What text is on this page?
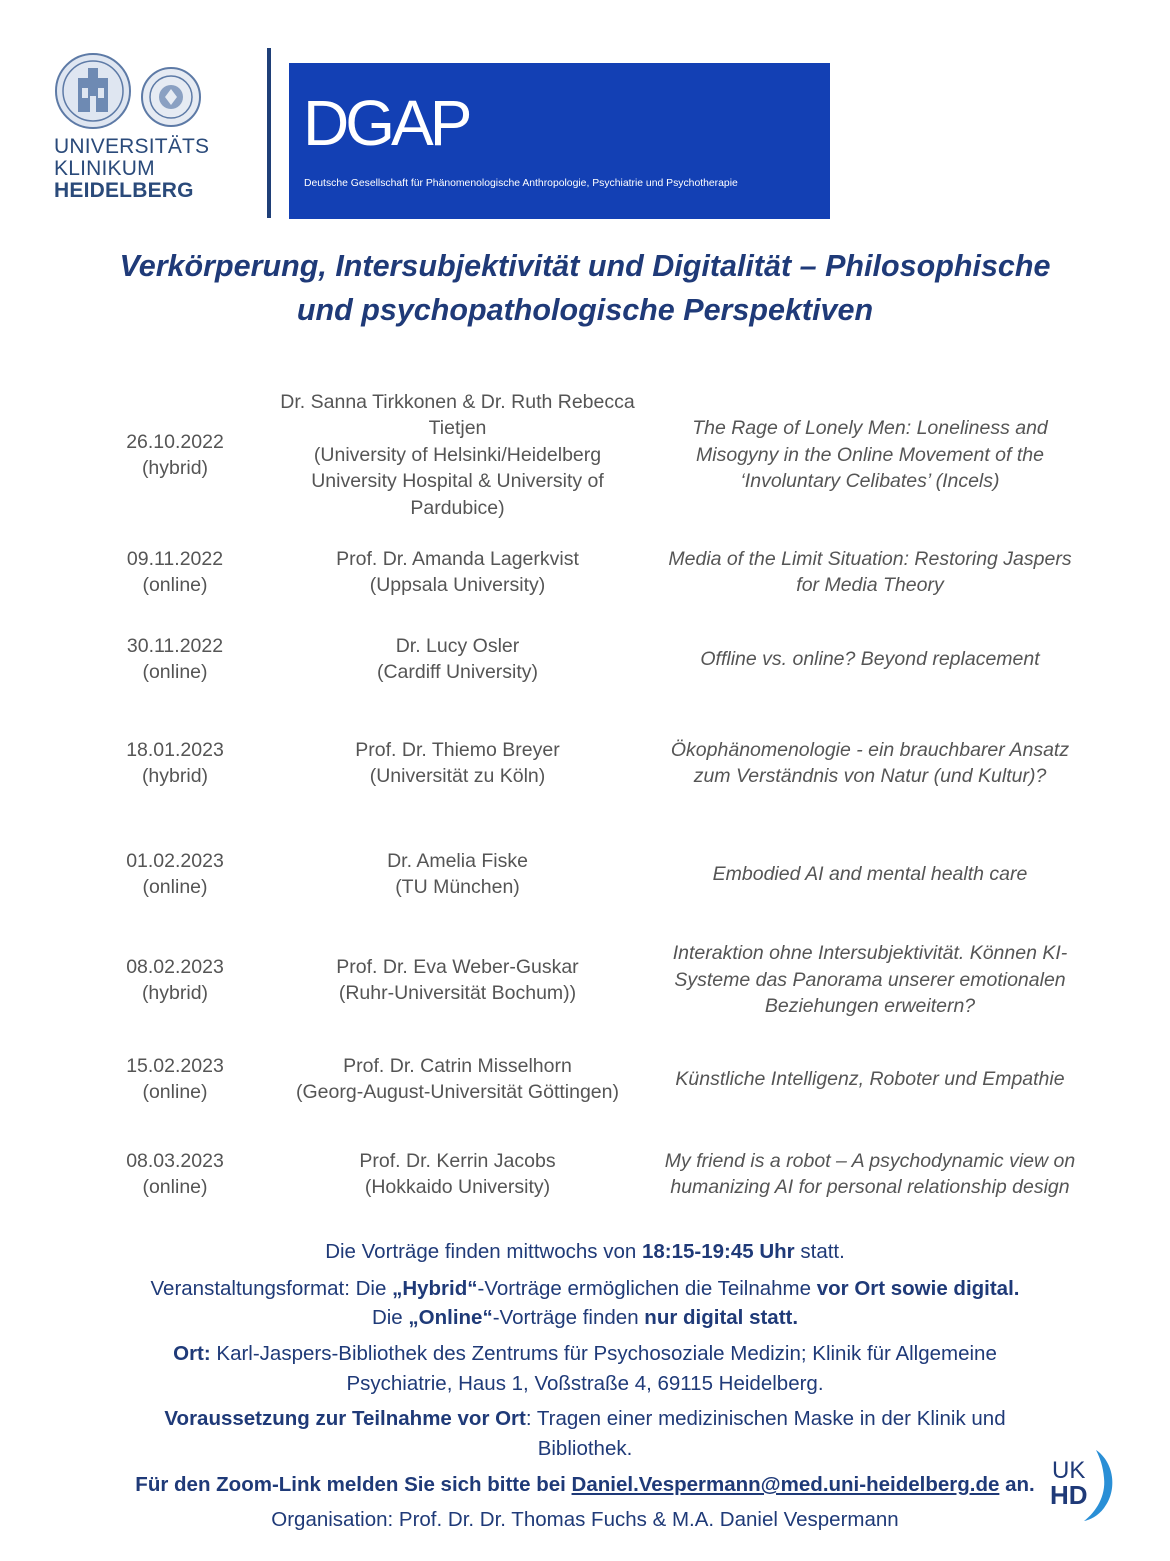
UNIVERSITÄTS
KLINIKUM
HEIDELBERG
DGAP
Deutsche Gesellschaft für Phänomenologische Anthropologie, Psychiatrie und Psychotherapie
Verkörperung, Intersubjektivität und Digitalität – Philosophische
und psychopathologische Perspektiven
26.10.2022
(hybrid)
Dr. Sanna Tirkkonen & Dr. Ruth Rebecca
Tietjen
(University of Helsinki/Heidelberg
University Hospital & University of
Pardubice)
The Rage of Lonely Men: Loneliness and
Misogyny in the Online Movement of the
‘Involuntary Celibates’ (Incels)
09.11.2022
(online)
Prof. Dr. Amanda Lagerkvist
(Uppsala University)
Media of the Limit Situation: Restoring Jaspers
for Media Theory
30.11.2022
(online)
Dr. Lucy Osler
(Cardiff University)
Offline vs. online? Beyond replacement
18.01.2023
(hybrid)
Prof. Dr. Thiemo Breyer
(Universität zu Köln)
Ökophänomenologie - ein brauchbarer Ansatz
zum Verständnis von Natur (und Kultur)?
01.02.2023
(online)
Dr. Amelia Fiske
(TU München)
Embodied AI and mental health care
08.02.2023
(hybrid)
Prof. Dr. Eva Weber-Guskar
(Ruhr-Universität Bochum))
Interaktion ohne Intersubjektivität. Können KI-
Systeme das Panorama unserer emotionalen
Beziehungen erweitern?
15.02.2023
(online)
Prof. Dr. Catrin Misselhorn
(Georg-August-Universität Göttingen)
Künstliche Intelligenz, Roboter und Empathie
08.03.2023
(online)
Prof. Dr. Kerrin Jacobs
(Hokkaido University)
My friend is a robot – A psychodynamic view on
humanizing AI for personal relationship design
Die Vorträge finden mittwochs von 18:15-19:45 Uhr statt.
Veranstaltungsformat: Die „Hybrid“-Vorträge ermöglichen die Teilnahme vor Ort sowie digital.
Die „Online“-Vorträge finden nur digital statt.
Ort: Karl-Jaspers-Bibliothek des Zentrums für Psychosoziale Medizin; Klinik für Allgemeine
Psychiatrie, Haus 1, Voßstraße 4, 69115 Heidelberg.
Voraussetzung zur Teilnahme vor Ort: Tragen einer medizinischen Maske in der Klinik und
Bibliothek.
Für den Zoom-Link melden Sie sich bitte bei Daniel.Vespermann@med.uni-heidelberg.de an.
Organisation: Prof. Dr. Dr. Thomas Fuchs & M.A. Daniel Vespermann
UK
HD
